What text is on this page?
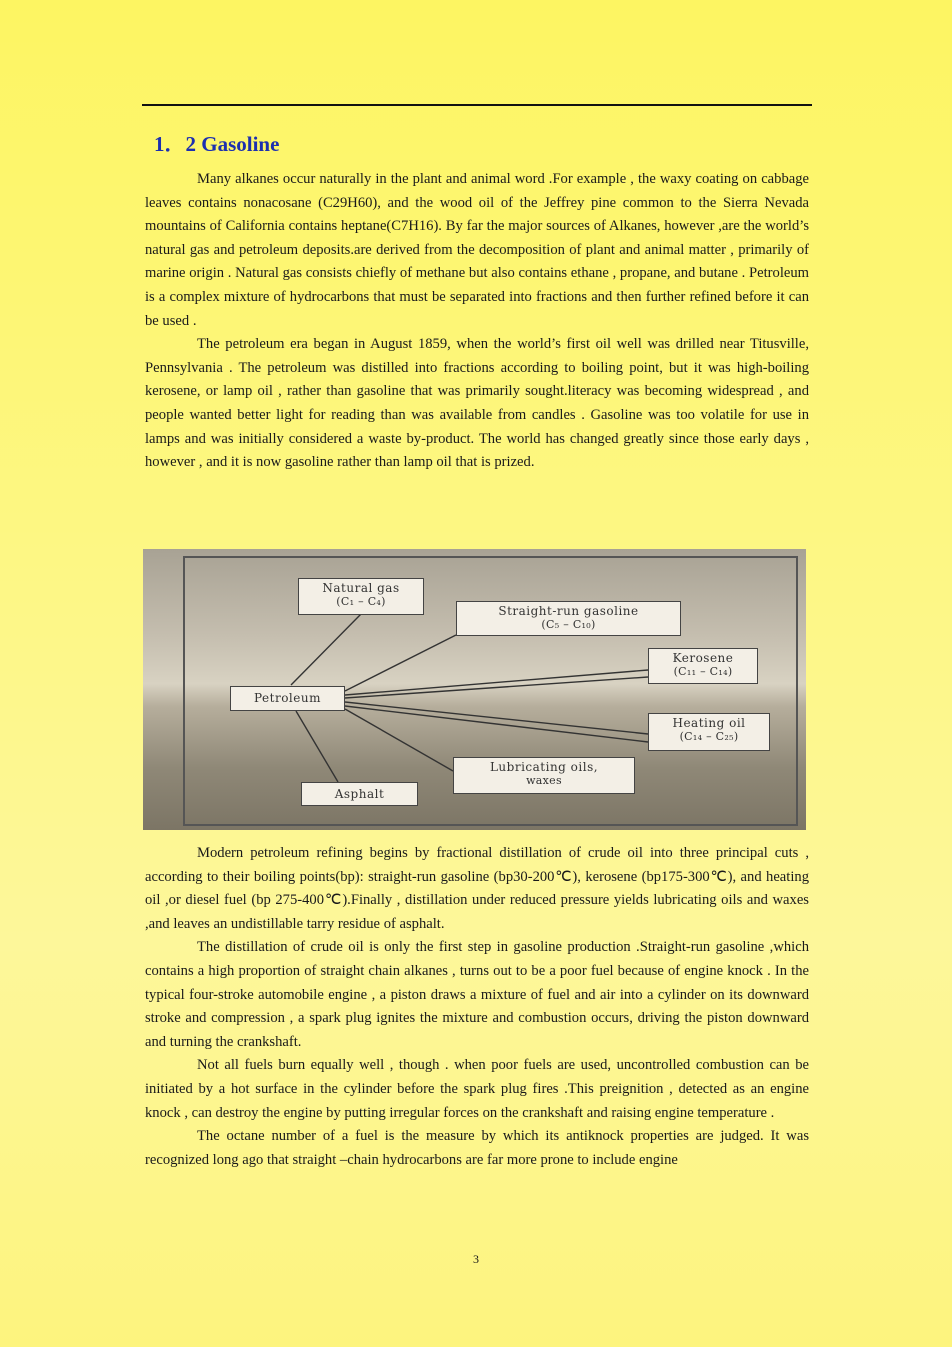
1．2 Gasoline

Many alkanes occur naturally in the plant and animal word .For example , the waxy coating on cabbage leaves contains nonacosane (C29H60), and the wood oil of the Jeffrey pine common to the Sierra Nevada mountains of California contains heptane(C7H16). By far the major sources of Alkanes, however ,are the world’s natural gas and petroleum deposits.are derived from the decomposition of plant and animal matter , primarily of marine origin . Natural gas consists chiefly of methane but also contains ethane , propane, and butane . Petroleum is a complex mixture of hydrocarbons that must be separated into fractions and then further refined before it can be used .

The petroleum era began in August 1859, when the world’s first oil well was drilled near Titusville, Pennsylvania . The petroleum was distilled into fractions according to boiling point, but it was high-boiling kerosene, or lamp oil , rather than gasoline that was primarily sought.literacy was becoming widespread , and people wanted better light for reading than was available from candles . Gasoline was too volatile for use in lamps and was initially considered a waste by-product. The world has changed greatly since those early days , however , and it is now gasoline rather than lamp oil that is prized.

Natural gas
(C₁ – C₄)
Straight-run gasoline
(C₅ – C₁₀)
Kerosene
(C₁₁ – C₁₄)
Petroleum
Heating oil
(C₁₄ – C₂₅)
Lubricating oils,
waxes
Asphalt

Modern petroleum refining begins by fractional distillation of crude oil into three principal cuts , according to their boiling points(bp): straight-run gasoline (bp30-200℃), kerosene (bp175-300℃), and heating oil ,or diesel fuel (bp 275-400℃).Finally , distillation under reduced pressure yields lubricating oils and waxes ,and leaves an undistillable tarry residue of asphalt.

The distillation of crude oil is only the first step in gasoline production .Straight-run gasoline ,which contains a high proportion of straight chain alkanes , turns out to be a poor fuel because of engine knock . In the typical four-stroke automobile engine , a piston draws a mixture of fuel and air into a cylinder on its downward stroke and compression , a spark plug ignites the mixture and combustion occurs, driving the piston downward and turning the crankshaft.

Not all fuels burn equally well , though . when poor fuels are used, uncontrolled combustion can be initiated by a hot surface in the cylinder before the spark plug fires .This preignition , detected as an engine knock , can destroy the engine by putting irregular forces on the crankshaft and raising engine temperature .

The octane number of a fuel is the measure by which its antiknock properties are judged. It was recognized long ago that straight –chain hydrocarbons are far more prone to include engine

3
